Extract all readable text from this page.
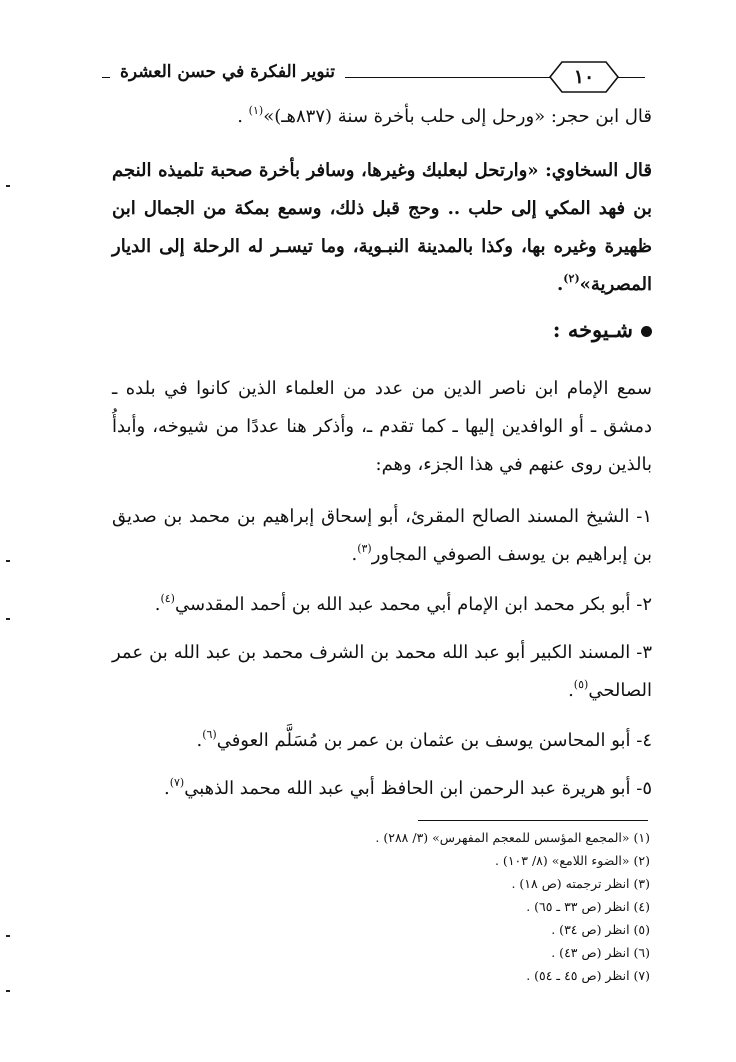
١٠
تنوير الفكرة في حسن العشرة
قال ابن حجر: «ورحل إلى حلب بأخرة سنة (٨٣٧هـ)»$^{(١)}$ .
قال السخاوي: «وارتحل لبعلبك وغيرها، وسافر بأخرة صحبة تلميذه النجم بن فهد المكي إلى حلب .. وحج قبل ذلك، وسمع بمكة من الجمال ابن ظهيرة وغيره بها، وكذا بالمدينة النبـوية، وما تيسـر له الرحلة إلى الديار المصرية»$^{(٢)}$.
شـيوخه :
سمع الإمام ابن ناصر الدين من عدد من العلماء الذين كانوا في بلده ـ دمشق ـ أو الوافدين إليها ـ كما تقدم ـ، وأذكر هنا عددًا من شيوخه، وأبدأُ بالذين روى عنهم في هذا الجزء، وهم:
١- الشيخ المسند الصالح المقرئ، أبو إسحاق إبراهيم بن محمد بن صديق بن إبراهيم بن يوسف الصوفي المجاور$^{(٣)}$.
٢- أبو بكر محمد ابن الإمام أبي محمد عبد الله بن أحمد المقدسي$^{(٤)}$.
٣- المسند الكبير أبو عبد الله محمد بن الشرف محمد بن عبد الله بن عمر الصالحي$^{(٥)}$.
٤- أبو المحاسن يوسف بن عثمان بن عمر بن مُسَلَّم العوفي$^{(٦)}$.
٥- أبو هريرة عبد الرحمن ابن الحافظ أبي عبد الله محمد الذهبي$^{(٧)}$.
(١) «المجمع المؤسس للمعجم المفهرس» (٣/ ٢٨٨) .
(٢) «الضوء اللامع» (٨/ ١٠٣) .
(٣) انظر ترجمته (ص ١٨) .
(٤) انظر (ص ٣٣ ـ ٦٥) .
(٥) انظر (ص ٣٤) .
(٦) انظر (ص ٤٣) .
(٧) انظر (ص ٤٥ ـ ٥٤) .
